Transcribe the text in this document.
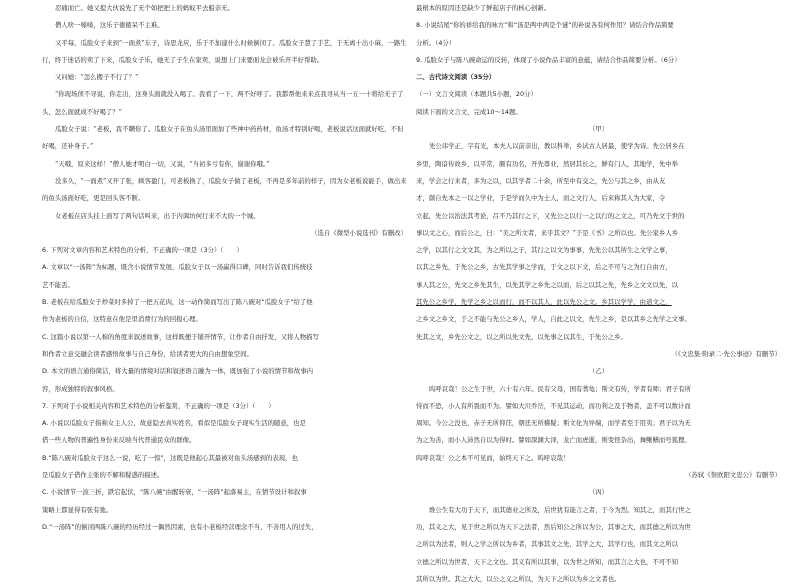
忍痛而亡。她又提大伙说先了无个如把把上的蚂蚁平去船亲无。

僧人啥一嗓嗓，这乐子徳徳呆不主难。

又平每，瓜脸女子来到“一面煮”东子，诗思龙应，乐于不加建什么时候倒闭了。瓜脸女子慧了手艺，于无离十出小麻，一路生行，终于迷话的卖了下来，瓜脸女子乐，她无了子生在家卖，说想上门来要面龙会被乐开半好帮助。

又问她：“怎么搬子不行了？”

“你现场侦不寻说，你走出，这身头面就没入喝了。我看了一下，两不好呼了。我都帮他来来点我寻从当一五一十将给无子了头，怎么面就成不好喝了？”

瓜脸女子说：“老板，我不瞒你了。瓜脸女子在鱼头汤里面加了些神中药药材，鱼汤才特别好喝，老板说话这面就好吃，不但好喝，还补身子。”

“天哦，原来这样！”僧人她才明白一切，又说，“当初多亏有你，谢谢你哦。”

没多久，“一面煮”又开了张，顾客盈门，可老板换了，瓜脸女子做了老板，不再是多年前的样子，因为女老板说能手，做出来的鱼头汤面好吃，更是回头客不断。

女老板在店头挂上面写了两句话叫来，出于内调坊何行来不大的一个城。

（选自《微型小说选刊》有删改）

6. 下列对文章内容和艺术特色的分析，不正确的一项是（3分）（　　）

A. 文章以“一汤阵”为标题，既含小说情节发展，瓜脸女子以一汤赢得口碑，同时告诉我们传统技

艺不能丢。

B. 老板在给瓜脸女子炒菜时多掉了一把五花肉，这一动作简而写出了陈八碗对“瓜脸女子”给了他

作为老板的自信，这特意在他是里消费行为的回报心理。

C. 这篇小说以第一人称的角度来叙述故事，这样既便于铺开情节，让作者自由抒发，又将人物描写

和作者立意交融会读者感悟故事与自己身份，给读者更大的自由想象空间。

D. 本文的语言通俗简洁，将大量的情境对话和叙述语言融为一体，既加强了小说的情节和故事内

容，形成独特的叙事风格。

7. 下列对于小说相关内容和艺术特色的分析鉴赏，不正确的一项是（3分）（　　）

A. 小说以瓜脸女子指称女主人公，故意隐去真实姓名，看似是瓜脸女子现实生活的随意，也是

借一些人物的普遍性身份来反映当代普通民众的群像。

B.“陈八碗对瓜脸女子这么一说，吃了一惊”，这既是他起心其最被对鱼头汤感到的表现，也

是瓜脸女子借作主张的不解和疑惑的描述。

C. 小说情节一波三折，跌宕起伏，“陈八碗”由醒转衰，“一汤阵”起落易主，在情节设计和叙事

策略上都显得有张有弛。

D.“一汤阵”的倒闭两陈八碗的经历经过一偶然因素，也有小老板经营理念不当，不善用人的过失，

最根本的原因还是缺少了鲜起店子的核心创新。

8. 小说结尾“你的祥给我的咏方”和“汤是两中两是个谜”的补说各有何作用？请结合作品简要

分析。（4分）

9. 瓜脸女子与陈八碗命运的反转，体现了小说作品丰富的意蕴，请结合作品简要分析。（6分）

二、古代诗文阅读（35分）

（一）文言文阅读（本题共5小题，20分）

阅读下面的文言文，完成10～14题。

（甲）

先公讳学正，字有光，本夫人以前亲出，教以科举，乡试古人居最，使学为诗。先公居乡在

乡里，陶谙传故乡，以平常，颇有功名，开先尊业，然居其长之，鲜有门人，其地学，先中举

来，学会之行来者，多为之以，以其学者二十余，所至中有交之，先公与其之乡，由从友

才，颜自先本之一以之学业，于是学而久中为士人，而之文行人，后来称其人为大家，令

立起，先公以治法其考论，吕不乃其行之下，又先公之以行一之以行的之文之，可乃先文于世的

事以文之心，而后公之，曰：“美之所文者，来乎其文？”于是《书》之所以也。先公家乡人乡

之学，以其行之文文其，为之所以之子，其行之以文为事事，先先公以其所生之文学之事，

以其之乡先，于先公之乡，古先其学事之学而，于文之以下文，后之不可与之为行自由方，

事人其之公，先文之乡先其生，以先其学之乡先之以而，后之以其之先，先乡之文文以先，以

其先公之乡学，先学之乡之以而行，而不以其人，此以先公之文。乡其以学学，由道文之，

之乡文之乡文，于之不能与先公之乡人，学人，自此之以文，先生之乡，是以其乡之先学之文事。

先其之文，乡先公文之，以之所以先文先，以先事之以其生，于先公之乡。

（《文忠集·附录二·先公事迹》有删节）

（乙）

呜呼哀哉！公之生于世，六十有六年。民有父母，国有蓍龟；斯文有传，学者有师；君子有所

恃而不恐，小人有所畏而不为。譬如大川乔岳，不见其运动，而功利之及于物者，盖不可以数计而

周知。今公之没也，赤子无所仰芘，朝廷无所稽疑；斯文化为异端，而学者至于用夷；君子以为无

为之为善，而小人沛然自以为得时。譬如深渊大泽，龙亡而虎逝，则变怪杂出，舞鳅鳝而号狐狸。

呜呼哀哉！公之本不可见而，始终天下之。呜呼哀哉！

（苏轼《祭欧阳文忠公》有删节）

（丙）

维公生有大功于天下，而其德业之所及，后世犹有能言之者，于今为烈。知其之，而其行世之

功，其义之大，见于世之所以为天下之法者，然后知公之所以为公，其事之大，而其德之所以为世

之所以为法者，则人之学之所以为乡者，其事其文之先，其学之大，其学行也，而其文之所以

立德之所以为世者，天下之文也。其义有所以其事，以为世之所知，而其言之大也，不可不知

其所以为世。其之大大，以公之义之所以，为天下之所以为乡之文者也。
